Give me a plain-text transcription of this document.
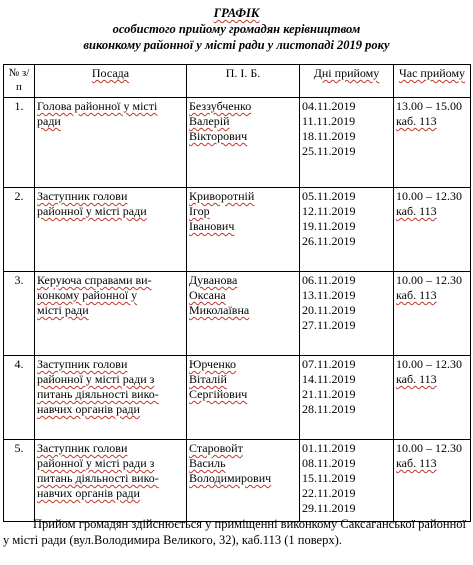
ГРАФІК
особистого прийому громадян керівництвом
виконкому районної у місті ради у листопаді 2019 року
№ з/п	Посада	П. І. Б.	Дні прийому	Час прийому
1.	Голова районної у місті
ради	Беззубченко
Валерій
Вікторович	04.11.2019
11.11.2019
18.11.2019
25.11.2019	13.00 – 15.00
каб. 113

2.	Заступник голови
районної у місті ради	Криворотній
Ігор
Іванович	05.11.2019
12.11.2019
19.11.2019
26.11.2019	10.00 – 12.30
каб. 113

3.	Керуюча справами ви-
конкому районної у
місті ради	Дуванова
Оксана
Миколаївна	06.11.2019
13.11.2019
20.11.2019
27.11.2019	10.00 – 12.30
каб. 113

4.	Заступник голови
районної у місті ради з
питань діяльності вико-
навчих органів ради	Юрченко
Віталій
Сергійович	07.11.2019
14.11.2019
21.11.2019
28.11.2019	10.00 – 12.30
каб. 113

5.	Заступник голови
районної у місті ради з
питань діяльності вико-
навчих органів ради	Старовойт
Василь
Володимирович	01.11.2019
08.11.2019
15.11.2019
22.11.2019
29.11.2019	10.00 – 12.30
каб. 113
Прийом громадян здійснюється у приміщенні виконкому Саксаганської районної у місті ради (вул.Володимира Великого, 32), каб.113 (1 поверх).
